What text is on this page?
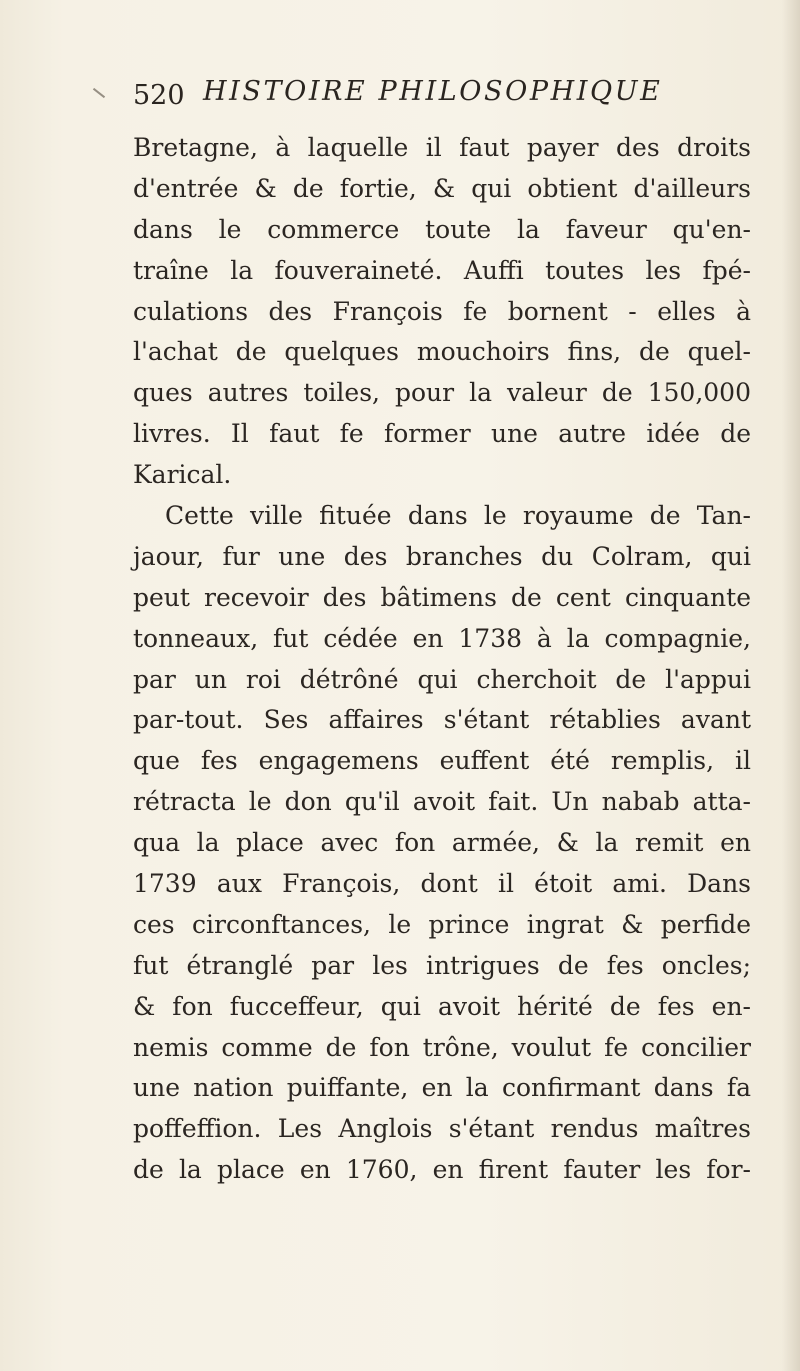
520 HISTOIRE PHILOSOPHIQUE
Bretagne, à laquelle il faut payer des droits
d'entrée & de fortie, & qui obtient d'ailleurs
dans le commerce toute la faveur qu'en-
traîne la fouveraineté. Auffi toutes les fpé-
culations des François fe bornent - elles à
l'achat de quelques mouchoirs fins, de quel-
ques autres toiles, pour la valeur de 150,000
livres. Il faut fe former une autre idée de
Karical.
Cette ville fituée dans le royaume de Tan-
jaour, fur une des branches du Colram, qui
peut recevoir des bâtimens de cent cinquante
tonneaux, fut cédée en 1738 à la compagnie,
par un roi détrôné qui cherchoit de l'appui
par-tout. Ses affaires s'étant rétablies avant
que fes engagemens euffent été remplis, il
rétracta le don qu'il avoit fait. Un nabab atta-
qua la place avec fon armée, & la remit en
1739 aux François, dont il étoit ami. Dans
ces circonftances, le prince ingrat & perfide
fut étranglé par les intrigues de fes oncles;
& fon fucceffeur, qui avoit hérité de fes en-
nemis comme de fon trône, voulut fe concilier
une nation puiffante, en la confirmant dans fa
poffeffion. Les Anglois s'étant rendus maîtres
de la place en 1760, en firent fauter les for-
